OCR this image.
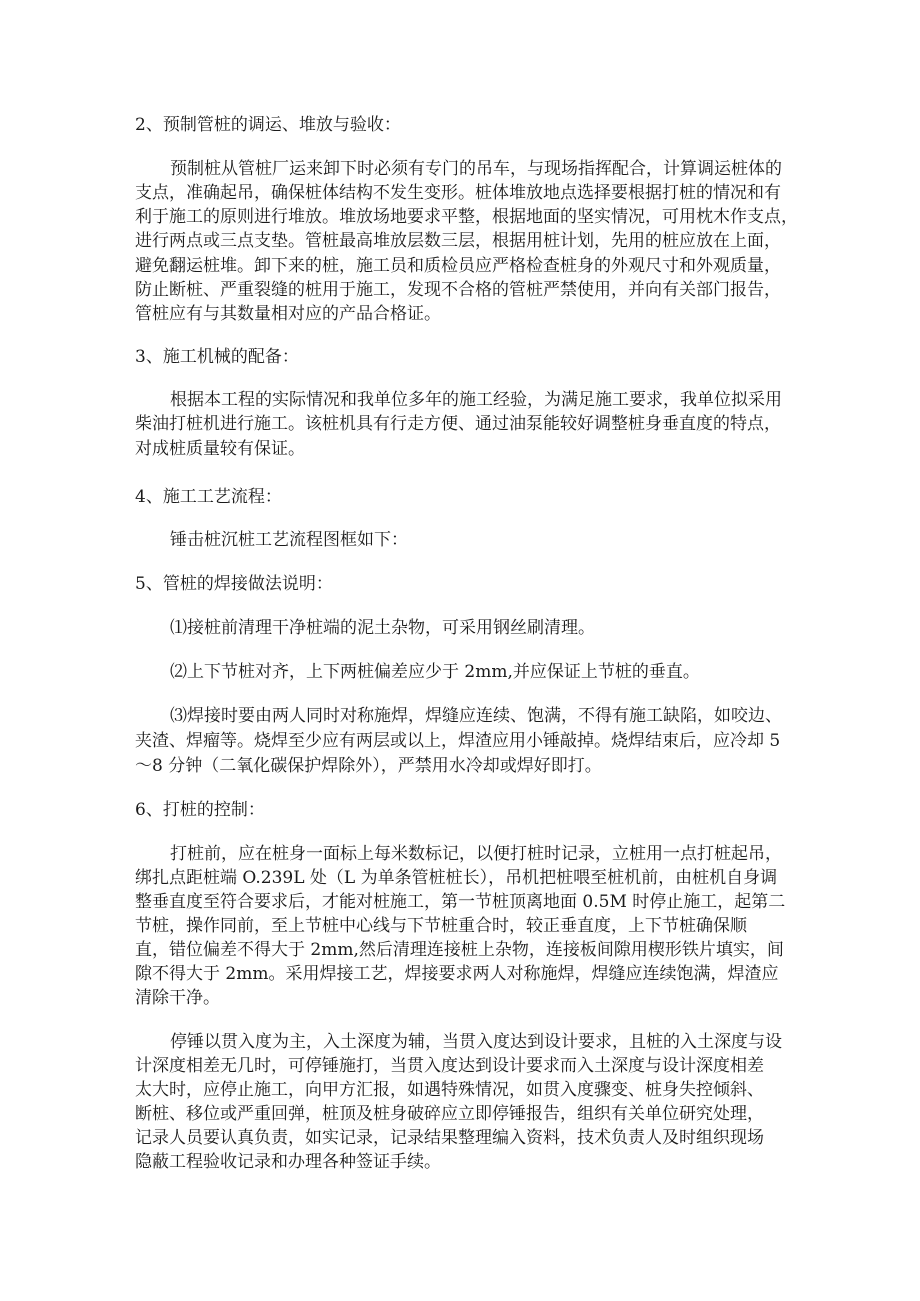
2、预制管桩的调运、堆放与验收：
预制桩从管桩厂运来卸下时必须有专门的吊车，与现场指挥配合，计算调运桩体的
支点，准确起吊，确保桩体结构不发生变形。桩体堆放地点选择要根据打桩的情况和有
利于施工的原则进行堆放。堆放场地要求平整，根据地面的坚实情况，可用枕木作支点，
进行两点或三点支垫。管桩最高堆放层数三层，根据用桩计划，先用的桩应放在上面，
避免翻运桩堆。卸下来的桩，施工员和质检员应严格检查桩身的外观尺寸和外观质量，
防止断桩、严重裂缝的桩用于施工，发现不合格的管桩严禁使用，并向有关部门报告，
管桩应有与其数量相对应的产品合格证。
3、施工机械的配备：
根据本工程的实际情况和我单位多年的施工经验，为满足施工要求，我单位拟采用
柴油打桩机进行施工。该桩机具有行走方便、通过油泵能较好调整桩身垂直度的特点，
对成桩质量较有保证。
4、施工工艺流程：
锤击桩沉桩工艺流程图框如下：
5、管桩的焊接做法说明：
⑴接桩前清理干净桩端的泥土杂物，可采用钢丝刷清理。
⑵上下节桩对齐，上下两桩偏差应少于 2mm,并应保证上节桩的垂直。
⑶焊接时要由两人同时对称施焊，焊缝应连续、饱满，不得有施工缺陷，如咬边、
夹渣、焊瘤等。烧焊至少应有两层或以上，焊渣应用小锤敲掉。烧焊结束后，应冷却 5
～8 分钟（二氧化碳保护焊除外），严禁用水冷却或焊好即打。
6、打桩的控制：
打桩前，应在桩身一面标上每米数标记，以便打桩时记录，立桩用一点打桩起吊，
绑扎点距桩端 O.239L 处（L 为单条管桩桩长），吊机把桩喂至桩机前，由桩机自身调
整垂直度至符合要求后，才能对桩施工，第一节桩顶离地面 0.5M 时停止施工，起第二
节桩，操作同前，至上节桩中心线与下节桩重合时，较正垂直度，上下节桩确保顺
直，错位偏差不得大于 2mm,然后清理连接桩上杂物，连接板间隙用楔形铁片填实，间
隙不得大于 2mm。采用焊接工艺，焊接要求两人对称施焊，焊缝应连续饱满，焊渣应
清除干净。
停锤以贯入度为主，入土深度为辅，当贯入度达到设计要求，且桩的入土深度与设
计深度相差无几时，可停锤施打，当贯入度达到设计要求而入土深度与设计深度相差
太大时，应停止施工，向甲方汇报，如遇特殊情况，如贯入度骤变、桩身失控倾斜、
断桩、移位或严重回弹，桩顶及桩身破碎应立即停锤报告，组织有关单位研究处理，
记录人员要认真负责，如实记录，记录结果整理编入资料，技术负责人及时组织现场
隐蔽工程验收记录和办理各种签证手续。
